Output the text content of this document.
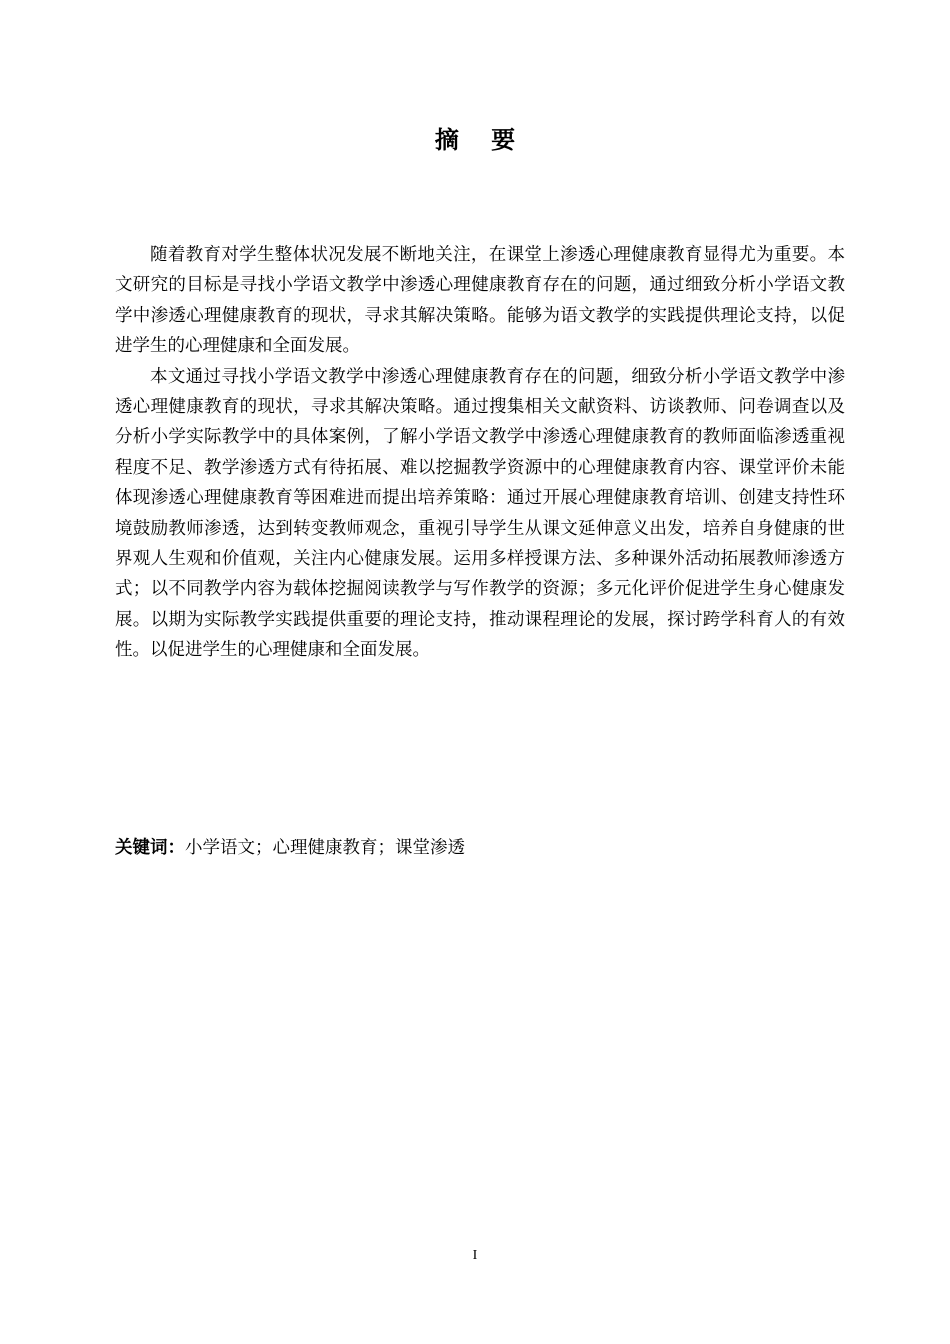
摘 要

随着教育对学生整体状况发展不断地关注，在课堂上渗透心理健康教育显得尤为重要。本文研究的目标是寻找小学语文教学中渗透心理健康教育存在的问题，通过细致分析小学语文教学中渗透心理健康教育的现状，寻求其解决策略。能够为语文教学的实践提供理论支持，以促进学生的心理健康和全面发展。

本文通过寻找小学语文教学中渗透心理健康教育存在的问题，细致分析小学语文教学中渗透心理健康教育的现状，寻求其解决策略。通过搜集相关文献资料、访谈教师、问卷调查以及分析小学实际教学中的具体案例，了解小学语文教学中渗透心理健康教育的教师面临渗透重视程度不足、教学渗透方式有待拓展、难以挖掘教学资源中的心理健康教育内容、课堂评价未能体现渗透心理健康教育等困难进而提出培养策略：通过开展心理健康教育培训、创建支持性环境鼓励教师渗透，达到转变教师观念，重视引导学生从课文延伸意义出发，培养自身健康的世界观人生观和价值观，关注内心健康发展。运用多样授课方法、多种课外活动拓展教师渗透方式；以不同教学内容为载体挖掘阅读教学与写作教学的资源；多元化评价促进学生身心健康发展。以期为实际教学实践提供重要的理论支持，推动课程理论的发展，探讨跨学科育人的有效性。以促进学生的心理健康和全面发展。

关键词：小学语文；心理健康教育；课堂渗透
I
